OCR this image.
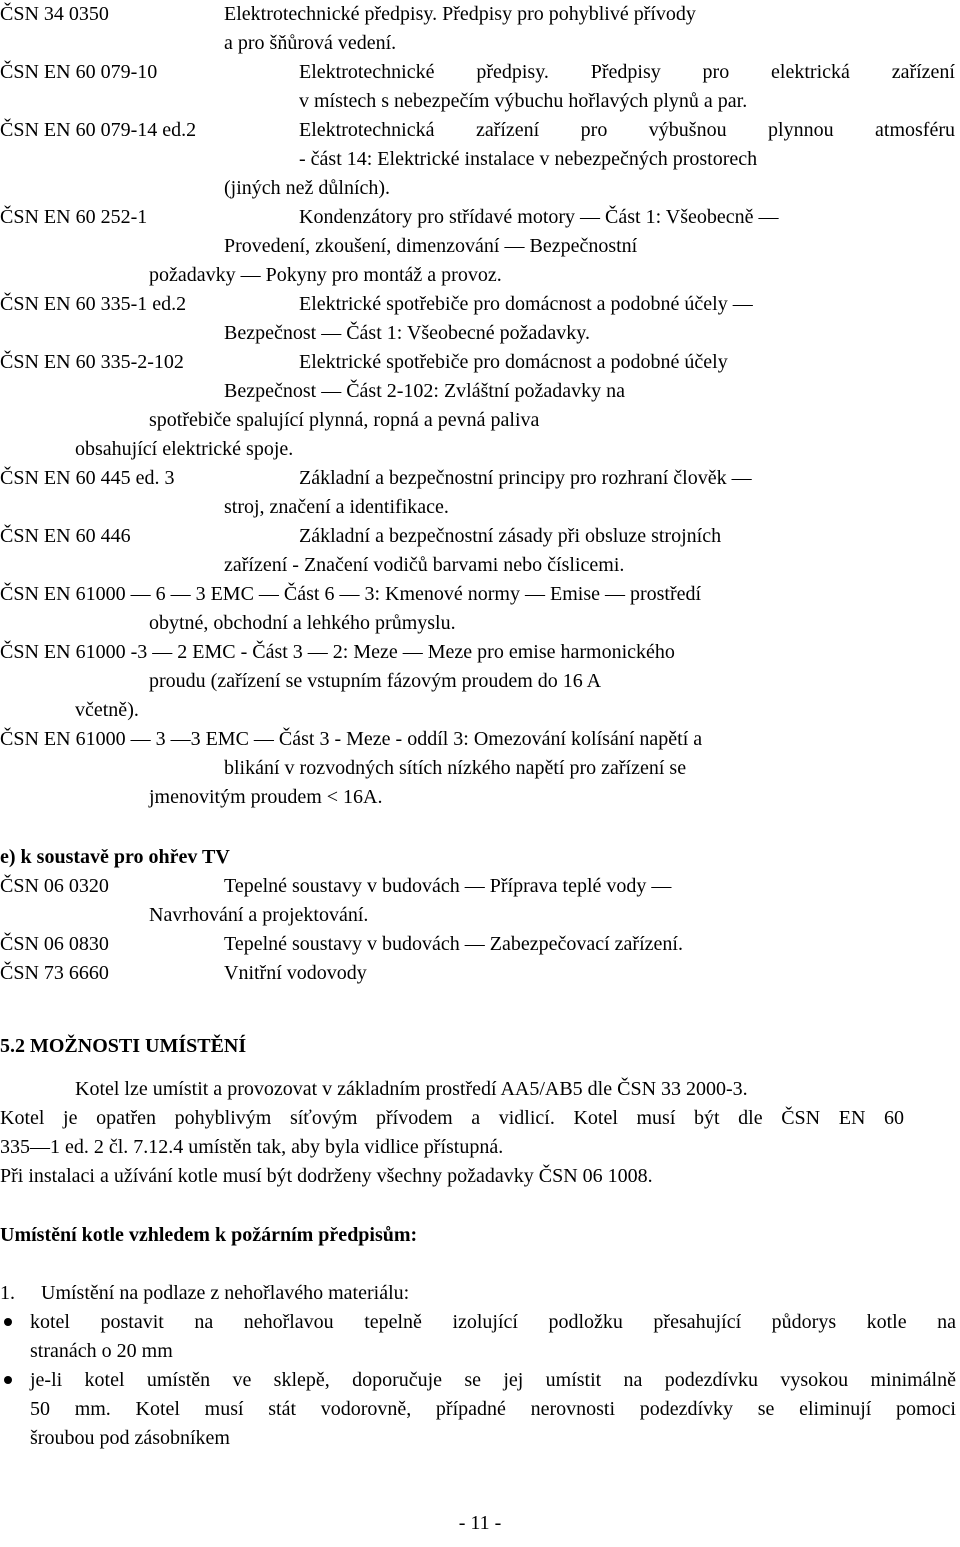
ČSN 34 0350	Elektrotechnické předpisy. Předpisy pro pohyblivé přívody
a pro šňůrová vedení.
ČSN EN 60 079-10	Elektrotechnické předpisy. Předpisy pro elektrická zařízení
v místech s nebezpečím výbuchu hořlavých plynů a par.
ČSN EN 60 079-14 ed.2	Elektrotechnická zařízení pro výbušnou plynnou atmosféru
- část 14: Elektrické instalace v nebezpečných prostorech
(jiných než důlních).
ČSN EN 60 252-1	Kondenzátory pro střídavé motory — Část 1: Všeobecně —
Provedení, zkoušení, dimenzování — Bezpečnostní
požadavky — Pokyny pro montáž a provoz.
ČSN EN 60 335-1 ed.2	Elektrické spotřebiče pro domácnost a podobné účely —
Bezpečnost — Část 1: Všeobecné požadavky.
ČSN EN 60 335-2-102	Elektrické spotřebiče pro domácnost a podobné účely
Bezpečnost — Část 2-102: Zvláštní požadavky na
spotřebiče spalující plynná, ropná a pevná paliva
obsahující elektrické spoje.
ČSN EN 60 445 ed. 3	Základní a bezpečnostní principy pro rozhraní člověk —
stroj, značení a identifikace.
ČSN EN 60 446	Základní a bezpečnostní zásady při obsluze strojních
zařízení - Značení vodičů barvami nebo číslicemi.
ČSN EN 61000 — 6 — 3 EMC — Část 6 — 3: Kmenové normy — Emise — prostředí
obytné, obchodní a lehkého průmyslu.
ČSN EN 61000 -3 — 2 EMC - Část 3 — 2: Meze — Meze pro emise harmonického
proudu (zařízení se vstupním fázovým proudem do 16 A
včetně).
ČSN EN 61000 — 3 —3 EMC — Část 3 - Meze - oddíl 3: Omezování kolísání napětí a
blikání v rozvodných sítích nízkého napětí pro zařízení se
jmenovitým proudem < 16A.
e) k soustavě pro ohřev TV
ČSN 06 0320	Tepelné soustavy v budovách — Příprava teplé vody —
Navrhování a projektování.
ČSN 06 0830	Tepelné soustavy v budovách — Zabezpečovací zařízení.
ČSN 73 6660	Vnitřní vodovody
5.2 MOŽNOSTI UMÍSTĚNÍ
Kotel lze umístit a provozovat v základním prostředí AA5/AB5 dle ČSN 33 2000-3.
Kotel je opatřen pohyblivým síťovým přívodem a vidlicí. Kotel musí být dle ČSN EN 60
335—1 ed. 2 čl. 7.12.4 umístěn tak, aby byla vidlice přístupná.
Při instalaci a užívání kotle musí být dodrženy všechny požadavky ČSN 06 1008.
Umístění kotle vzhledem k požárním předpisům:
1. Umístění na podlaze z nehořlavého materiálu:
kotel postavit na nehořlavou tepelně izolující podložku přesahující půdorys kotle na
stranách o 20 mm
je-li kotel umístěn ve sklepě, doporučuje se jej umístit na podezdívku vysokou minimálně
50 mm. Kotel musí stát vodorovně, případné nerovnosti podezdívky se eliminují pomoci
šroubou pod zásobníkem
- 11 -
